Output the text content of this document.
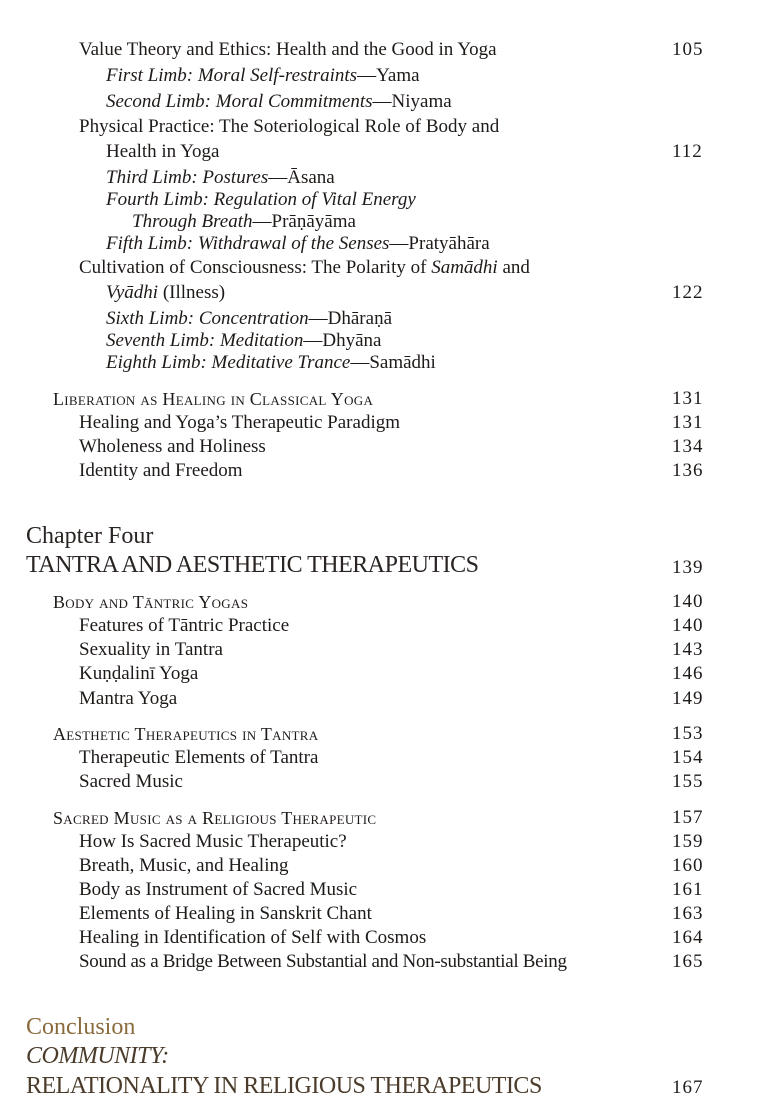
Value Theory and Ethics: Health and the Good in Yoga	105
First Limb: Moral Self-restraints—Yama
Second Limb: Moral Commitments—Niyama
Physical Practice: The Soteriological Role of Body and
Health in Yoga	112
Third Limb: Postures—Āsana
Fourth Limb: Regulation of Vital Energy
Through Breath—Prāṇāyāma
Fifth Limb: Withdrawal of the Senses—Pratyāhāra
Cultivation of Consciousness: The Polarity of Samādhi and
Vyādhi (Illness)	122
Sixth Limb: Concentration—Dhāraṇā
Seventh Limb: Meditation—Dhyāna
Eighth Limb: Meditative Trance—Samādhi
Liberation as Healing in Classical Yoga	131
Healing and Yoga’s Therapeutic Paradigm	131
Wholeness and Holiness	134
Identity and Freedom	136
Chapter Four
TANTRA AND AESTHETIC THERAPEUTICS	139
Body and Tāntric Yogas	140
Features of Tāntric Practice	140
Sexuality in Tantra	143
Kuṇḍalinī Yoga	146
Mantra Yoga	149
Aesthetic Therapeutics in Tantra	153
Therapeutic Elements of Tantra	154
Sacred Music	155
Sacred Music as a Religious Therapeutic	157
How Is Sacred Music Therapeutic?	159
Breath, Music, and Healing	160
Body as Instrument of Sacred Music	161
Elements of Healing in Sanskrit Chant	163
Healing in Identification of Self with Cosmos	164
Sound as a Bridge Between Substantial and Non-substantial Being	165
Conclusion
COMMUNITY:
RELATIONALITY IN RELIGIOUS THERAPEUTICS	167
